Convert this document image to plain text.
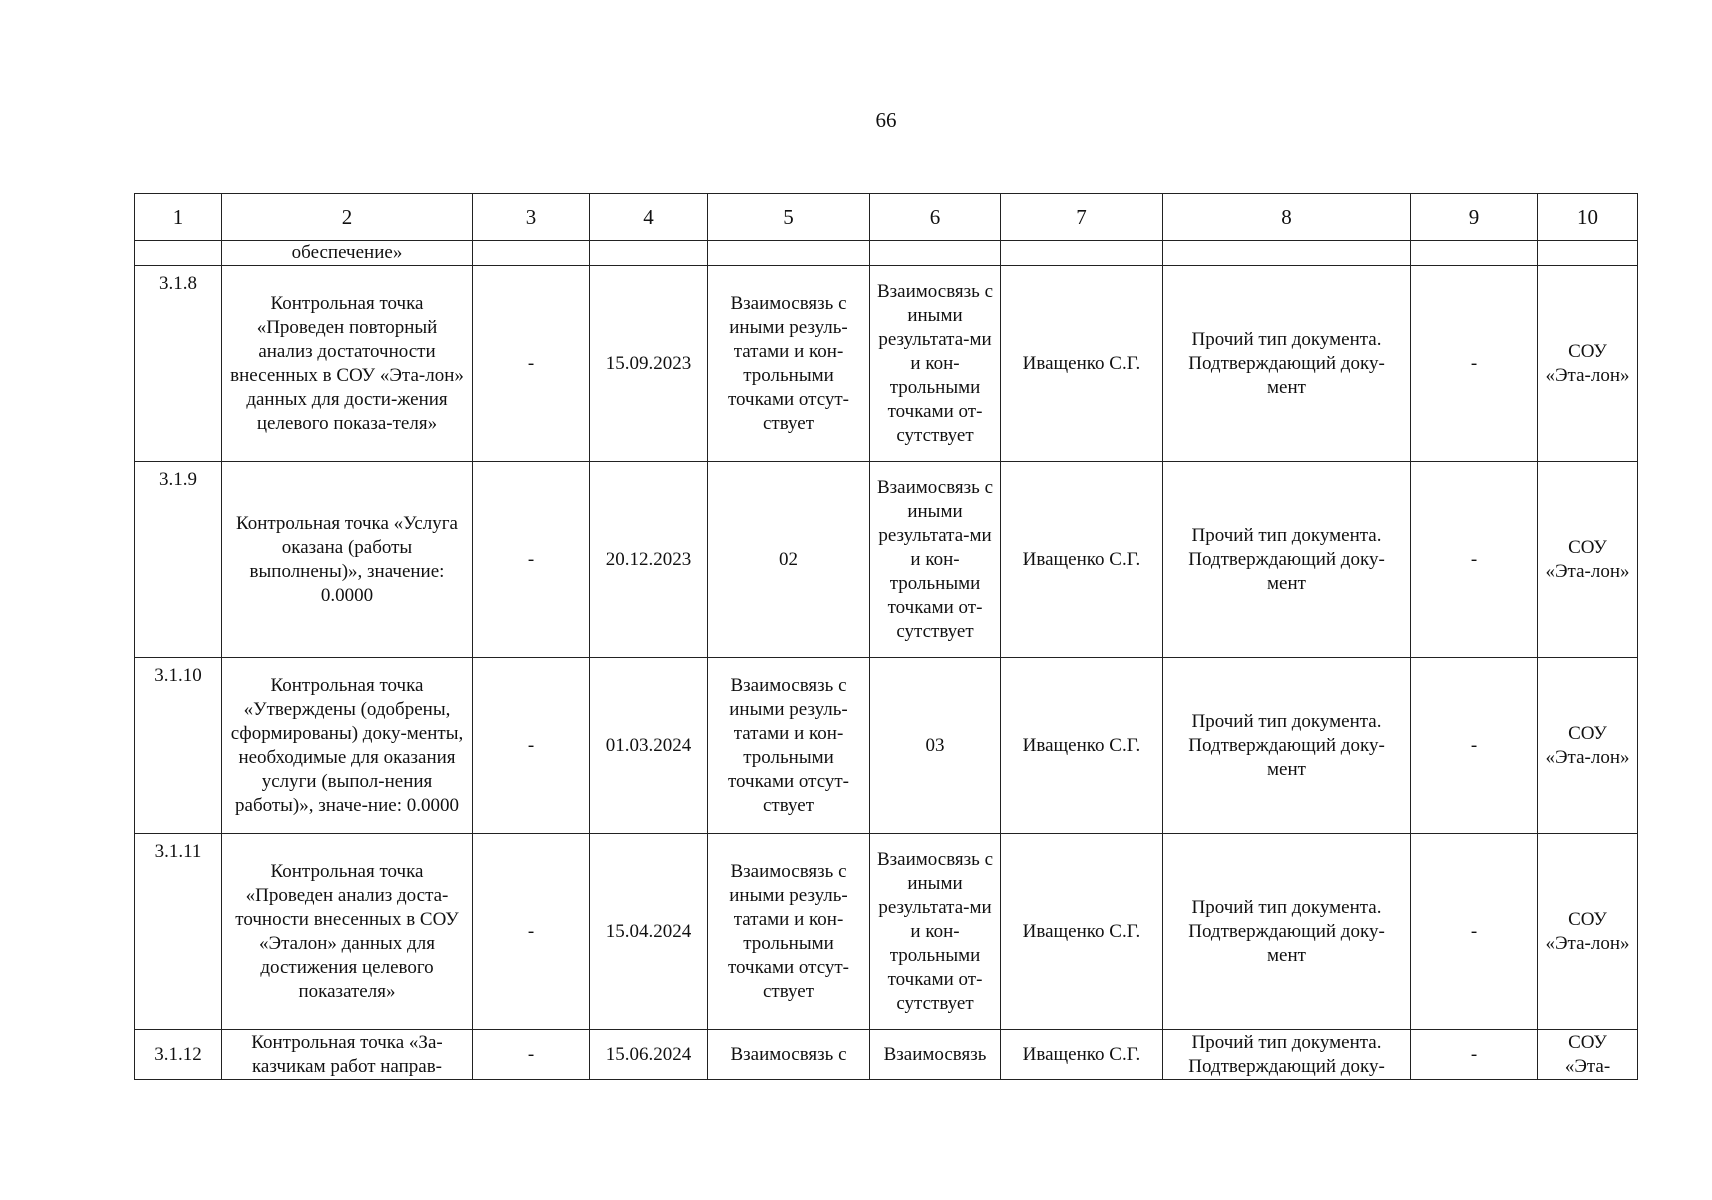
66
1	2	3	4	5	6	7	8	9	10
	обеспечение»								
3.1.8	Контрольная точка «Проведен повторный анализ достаточности внесенных в СОУ «Эта-лон» данных для дости-жения целевого показа-теля»	-	15.09.2023	Взаимосвязь с иными резуль-татами и кон-трольными точками отсут-ствует	Взаимосвязь с иными результата-ми и кон-трольными точками от-сутствует	Иващенко С.Г.	Прочий тип документа. Подтверждающий доку-мент	-	СОУ «Эта-лон»
3.1.9	Контрольная точка «Услуга оказана (работы выполнены)», значение: 0.0000	-	20.12.2023	02	Взаимосвязь с иными результата-ми и кон-трольными точками от-сутствует	Иващенко С.Г.	Прочий тип документа. Подтверждающий доку-мент	-	СОУ «Эта-лон»
3.1.10	Контрольная точка «Утверждены (одобрены, сформированы) доку-менты, необходимые для оказания услуги (выпол-нения работы)», значе-ние: 0.0000	-	01.03.2024	Взаимосвязь с иными резуль-татами и кон-трольными точками отсут-ствует	03	Иващенко С.Г.	Прочий тип документа. Подтверждающий доку-мент	-	СОУ «Эта-лон»
3.1.11	Контрольная точка «Проведен анализ доста-точности внесенных в СОУ «Эталон» данных для достижения целевого показателя»	-	15.04.2024	Взаимосвязь с иными резуль-татами и кон-трольными точками отсут-ствует	Взаимосвязь с иными результата-ми и кон-трольными точками от-сутствует	Иващенко С.Г.	Прочий тип документа. Подтверждающий доку-мент	-	СОУ «Эта-лон»
3.1.12	Контрольная точка «За-казчикам работ направ-	-	15.06.2024	Взаимосвязь с	Взаимосвязь	Иващенко С.Г.	Прочий тип документа. Подтверждающий доку-	-	СОУ «Эта-
